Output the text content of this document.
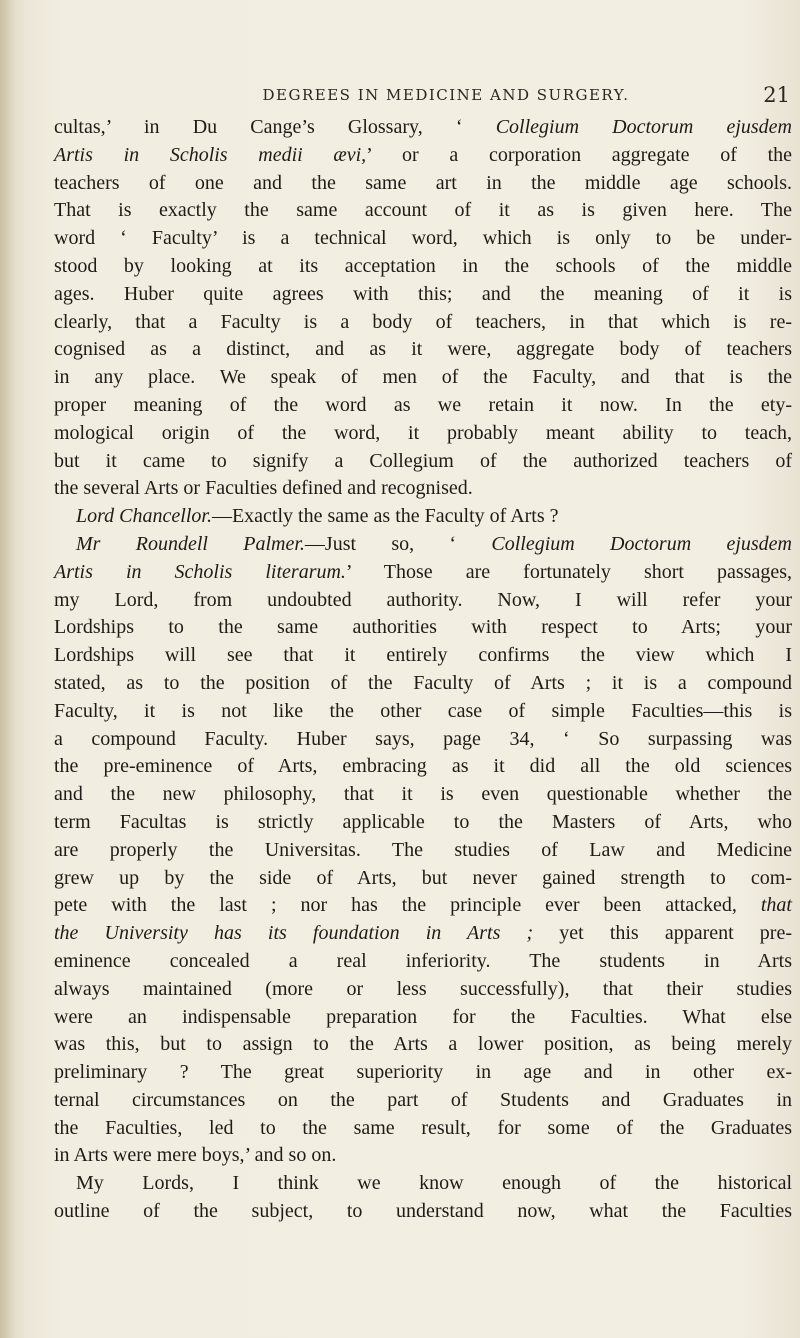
DEGREES IN MEDICINE AND SURGERY.	21
cultas,’ in Du Cange’s Glossary, ‘ Collegium Doctorum ejusdem
Artis in Scholis medii ævi,’ or a corporation aggregate of the
teachers of one and the same art in the middle age schools.
That is exactly the same account of it as is given here. The
word ‘ Faculty’ is a technical word, which is only to be under-
stood by looking at its acceptation in the schools of the middle
ages. Huber quite agrees with this; and the meaning of it is
clearly, that a Faculty is a body of teachers, in that which is re-
cognised as a distinct, and as it were, aggregate body of teachers
in any place. We speak of men of the Faculty, and that is the
proper meaning of the word as we retain it now. In the ety-
mological origin of the word, it probably meant ability to teach,
but it came to signify a Collegium of the authorized teachers of
the several Arts or Faculties defined and recognised.
Lord Chancellor.—Exactly the same as the Faculty of Arts ?
Mr Roundell Palmer.—Just so, ‘ Collegium Doctorum ejusdem
Artis in Scholis literarum.’ Those are fortunately short passages,
my Lord, from undoubted authority. Now, I will refer your
Lordships to the same authorities with respect to Arts; your
Lordships will see that it entirely confirms the view which I
stated, as to the position of the Faculty of Arts ; it is a compound
Faculty, it is not like the other case of simple Faculties—this is
a compound Faculty. Huber says, page 34, ‘ So surpassing was
the pre-eminence of Arts, embracing as it did all the old sciences
and the new philosophy, that it is even questionable whether the
term Facultas is strictly applicable to the Masters of Arts, who
are properly the Universitas. The studies of Law and Medicine
grew up by the side of Arts, but never gained strength to com-
pete with the last ; nor has the principle ever been attacked, that
the University has its foundation in Arts ; yet this apparent pre-
eminence concealed a real inferiority. The students in Arts
always maintained (more or less successfully), that their studies
were an indispensable preparation for the Faculties. What else
was this, but to assign to the Arts a lower position, as being merely
preliminary ? The great superiority in age and in other ex-
ternal circumstances on the part of Students and Graduates in
the Faculties, led to the same result, for some of the Graduates
in Arts were mere boys,’ and so on.
My Lords, I think we know enough of the historical
outline of the subject, to understand now, what the Faculties
